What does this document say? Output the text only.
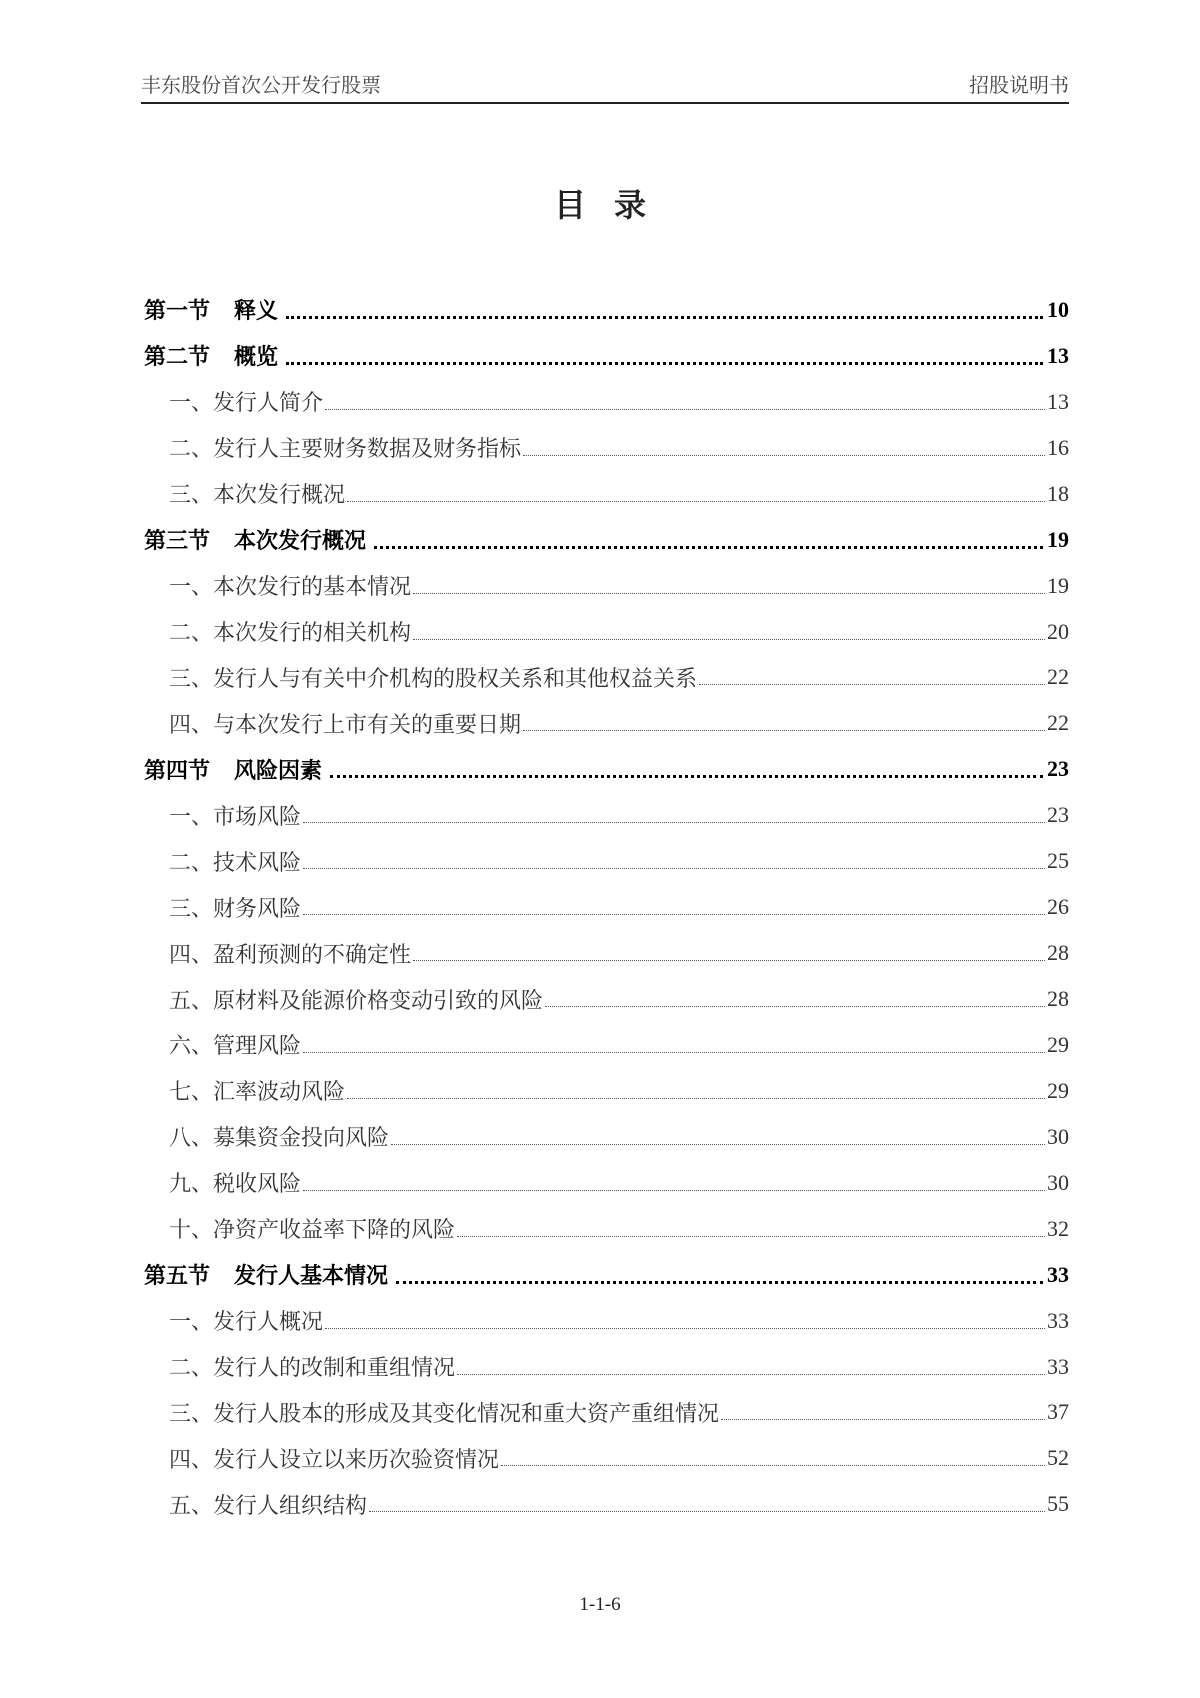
丰东股份首次公开发行股票	招股说明书
目录
第一节 释义	10
第二节 概览	13
一、发行人简介	13
二、发行人主要财务数据及财务指标	16
三、本次发行概况	18
第三节 本次发行概况	19
一、本次发行的基本情况	19
二、本次发行的相关机构	20
三、发行人与有关中介机构的股权关系和其他权益关系	22
四、与本次发行上市有关的重要日期	22
第四节 风险因素	23
一、市场风险	23
二、技术风险	25
三、财务风险	26
四、盈利预测的不确定性	28
五、原材料及能源价格变动引致的风险	28
六、管理风险	29
七、汇率波动风险	29
八、募集资金投向风险	30
九、税收风险	30
十、净资产收益率下降的风险	32
第五节 发行人基本情况	33
一、发行人概况	33
二、发行人的改制和重组情况	33
三、发行人股本的形成及其变化情况和重大资产重组情况	37
四、发行人设立以来历次验资情况	52
五、发行人组织结构	55
1-1-6
